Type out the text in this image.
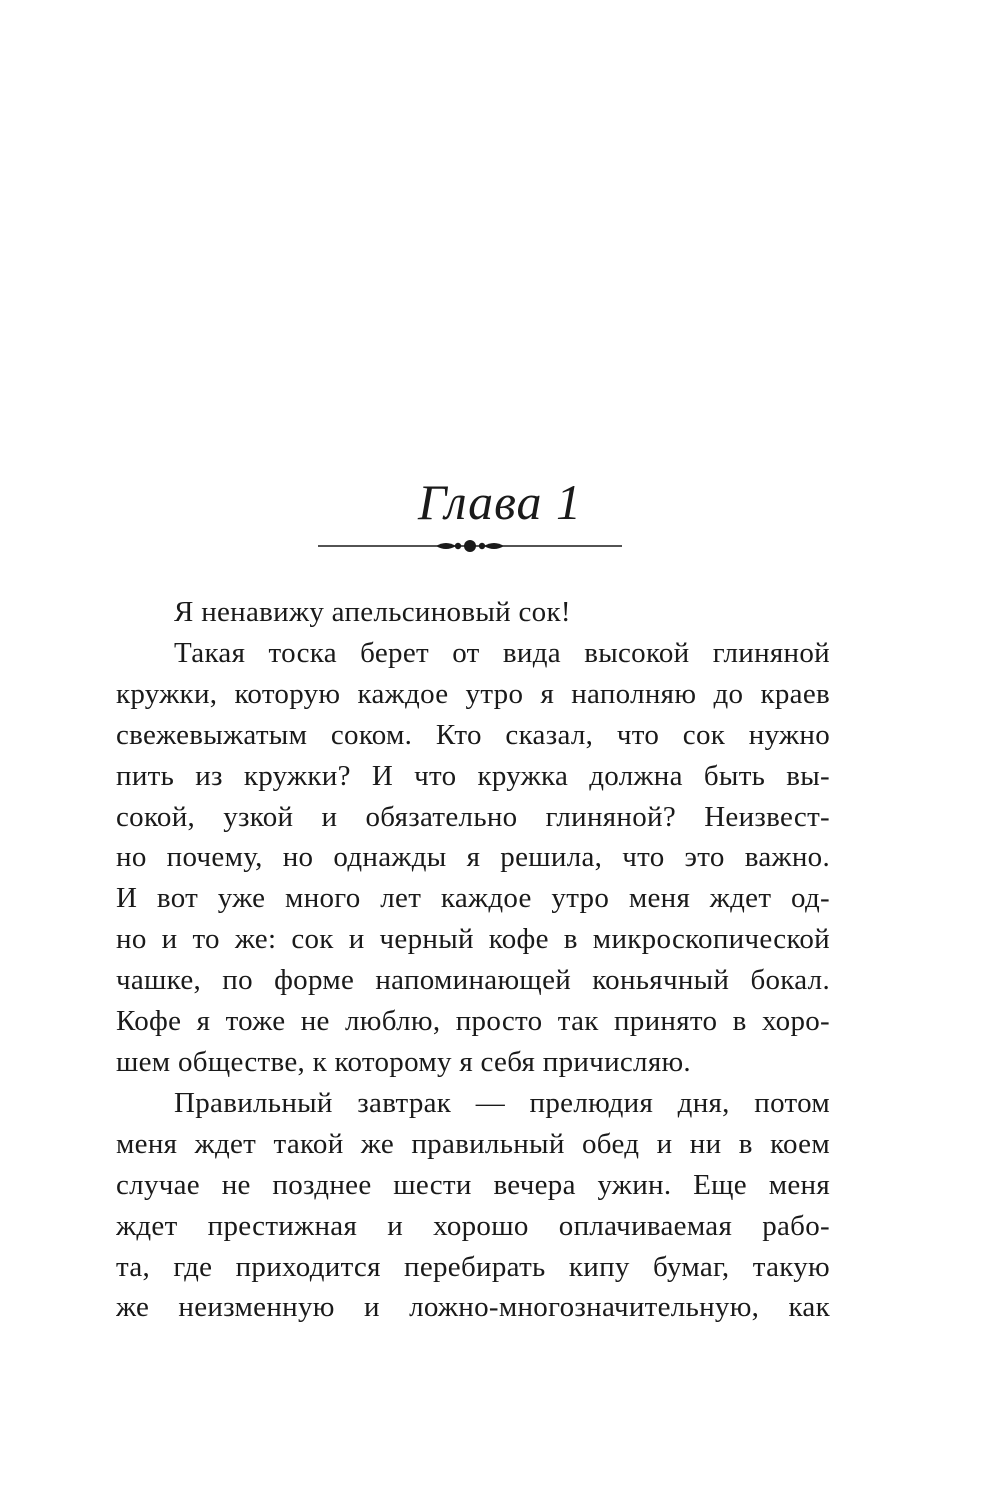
Глава 1
Я ненавижу апельсиновый сок!
Такая тоска берет от вида высокой глиняной
кружки, которую каждое утро я наполняю до краев
свежевыжатым соком. Кто сказал, что сок нужно
пить из кружки? И что кружка должна быть вы-
сокой, узкой и обязательно глиняной? Неизвест-
но почему, но однажды я решила, что это важно.
И вот уже много лет каждое утро меня ждет од-
но и то же: сок и черный кофе в микроскопической
чашке, по форме напоминающей коньячный бокал.
Кофе я тоже не люблю, просто так принято в хоро-
шем обществе, к которому я себя причисляю.
Правильный завтрак — прелюдия дня, потом
меня ждет такой же правильный обед и ни в коем
случае не позднее шести вечера ужин. Еще меня
ждет престижная и хорошо оплачиваемая рабо-
та, где приходится перебирать кипу бумаг, такую
же неизменную и ложно-многозначительную, как
